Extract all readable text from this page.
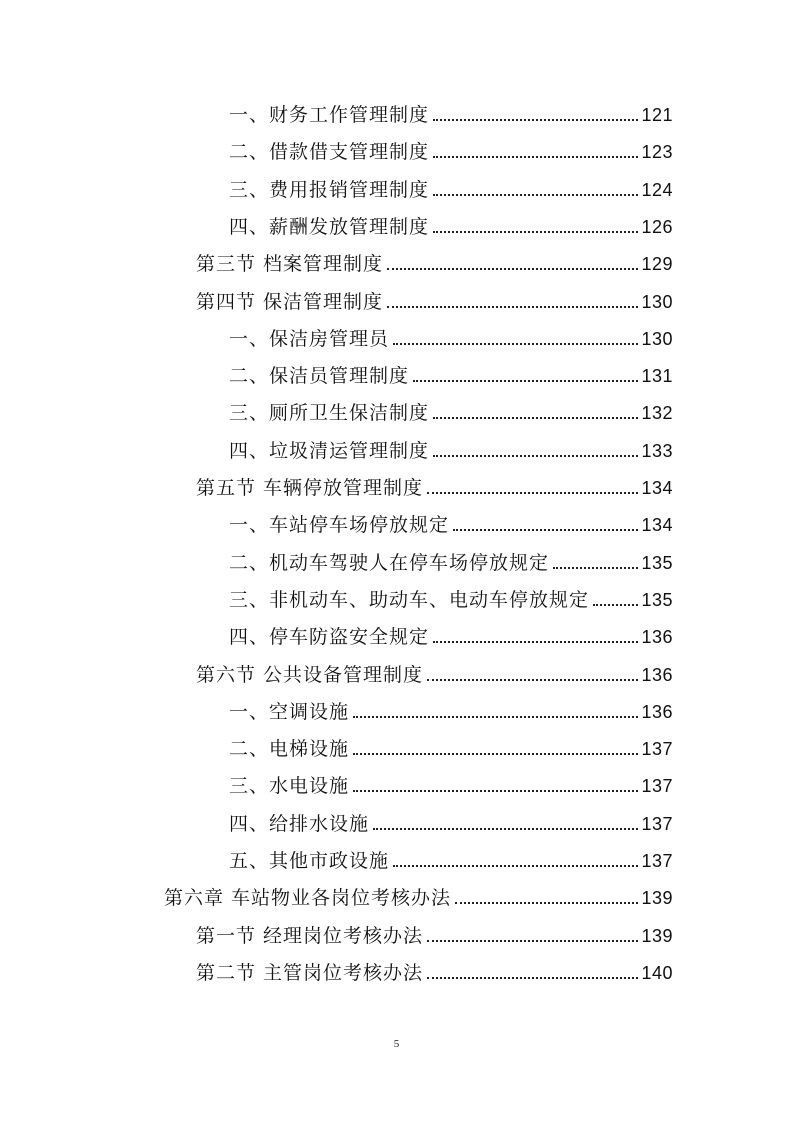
一、财务工作管理制度	121
二、借款借支管理制度	123
三、费用报销管理制度	124
四、薪酬发放管理制度	126
第三节 档案管理制度	129
第四节 保洁管理制度	130
一、保洁房管理员	130
二、保洁员管理制度	131
三、厕所卫生保洁制度	132
四、垃圾清运管理制度	133
第五节 车辆停放管理制度	134
一、车站停车场停放规定	134
二、机动车驾驶人在停车场停放规定	135
三、非机动车、助动车、电动车停放规定	135
四、停车防盗安全规定	136
第六节 公共设备管理制度	136
一、空调设施	136
二、电梯设施	137
三、水电设施	137
四、给排水设施	137
五、其他市政设施	137
第六章 车站物业各岗位考核办法	139
第一节 经理岗位考核办法	139
第二节 主管岗位考核办法	140
5
